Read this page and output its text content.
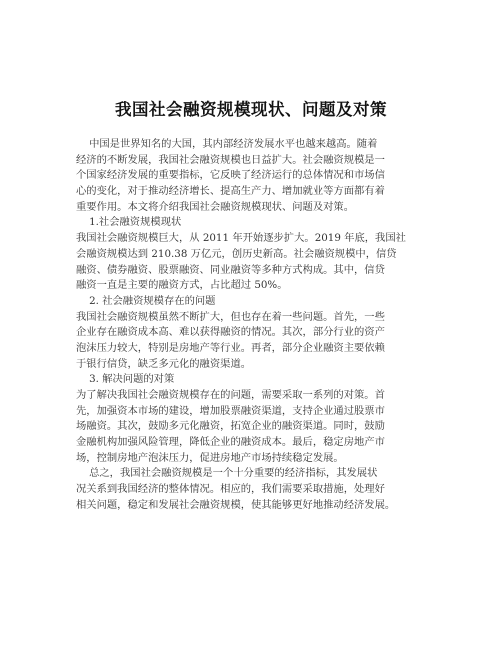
我国社会融资规模现状、问题及对策
中国是世界知名的大国，其内部经济发展水平也越来越高。随着
经济的不断发展，我国社会融资规模也日益扩大。社会融资规模是一
个国家经济发展的重要指标，它反映了经济运行的总体情况和市场信
心的变化，对于推动经济增长、提高生产力、增加就业等方面都有着
重要作用。本文将介绍我国社会融资规模现状、问题及对策。
1.社会融资规模现状
我国社会融资规模巨大，从 2011 年开始逐步扩大。2019 年底，我国社
会融资规模达到 210.38 万亿元，创历史新高。社会融资规模中，信贷
融资、债券融资、股票融资、同业融资等多种方式构成。其中，信贷
融资一直是主要的融资方式，占比超过 50%。
2. 社会融资规模存在的问题
我国社会融资规模虽然不断扩大，但也存在着一些问题。首先，一些
企业存在融资成本高、难以获得融资的情况。其次，部分行业的资产
泡沫压力较大，特别是房地产等行业。再者，部分企业融资主要依赖
于银行信贷，缺乏多元化的融资渠道。
3. 解决问题的对策
为了解决我国社会融资规模存在的问题，需要采取一系列的对策。首
先，加强资本市场的建设，增加股票融资渠道，支持企业通过股票市
场融资。其次，鼓励多元化融资，拓宽企业的融资渠道。同时，鼓励
金融机构加强风险管理，降低企业的融资成本。最后，稳定房地产市
场，控制房地产泡沫压力，促进房地产市场持续稳定发展。
总之，我国社会融资规模是一个十分重要的经济指标，其发展状
况关系到我国经济的整体情况。相应的，我们需要采取措施，处理好
相关问题，稳定和发展社会融资规模，使其能够更好地推动经济发展。
